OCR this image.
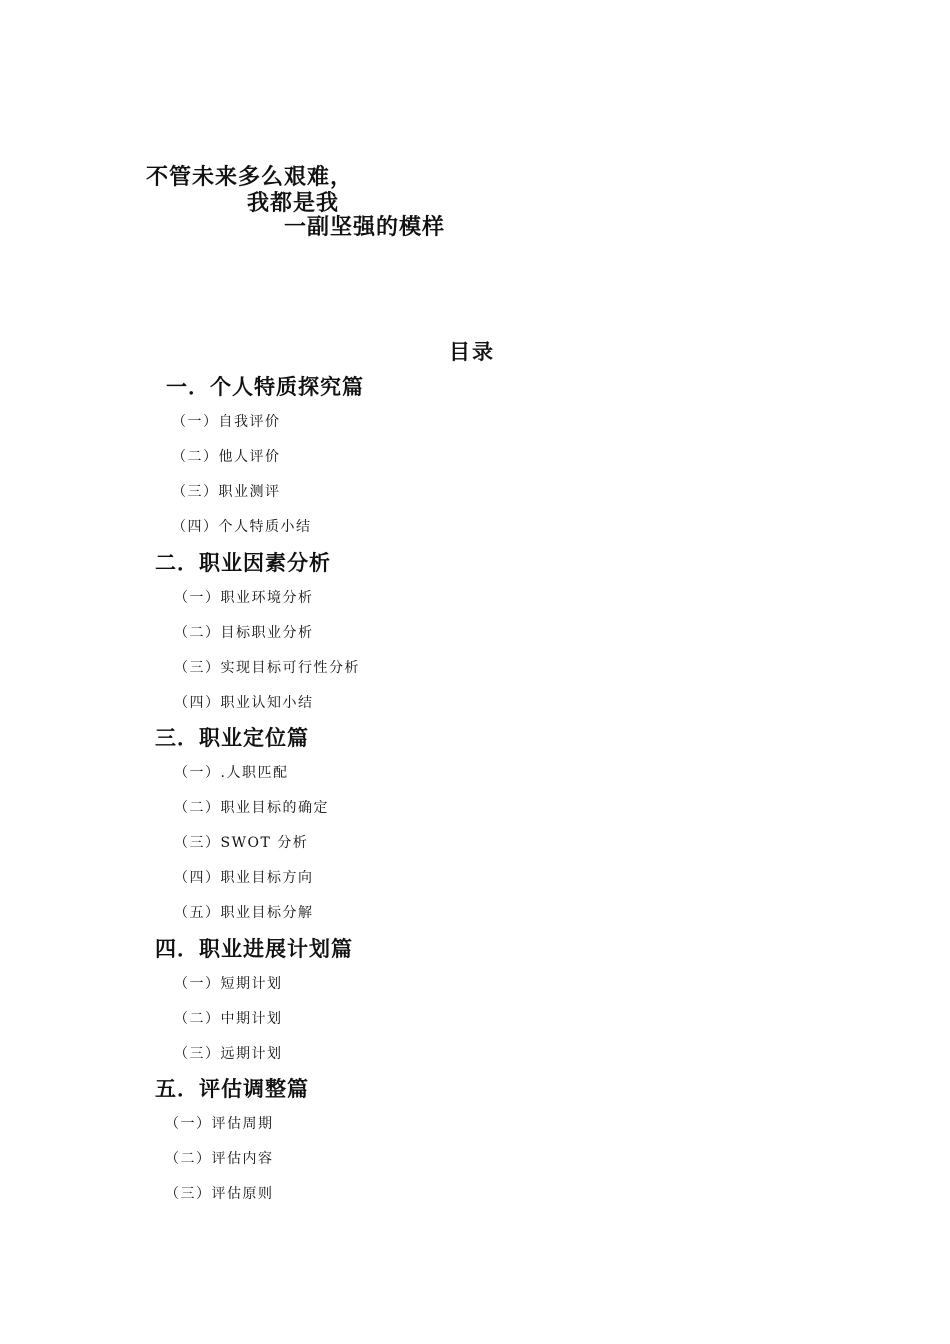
不管未来多么艰难，
我都是我
一副坚强的模样
目录
一．个人特质探究篇
（一）自我评价
（二）他人评价
（三）职业测评
（四）个人特质小结
二．职业因素分析
（一）职业环境分析
（二）目标职业分析
（三）实现目标可行性分析
（四）职业认知小结
三．职业定位篇
（一）.人职匹配
（二）职业目标的确定
（三）SWOT 分析
（四）职业目标方向
（五）职业目标分解
四．职业进展计划篇
（一）短期计划
（二）中期计划
（三）远期计划
五．评估调整篇
（一）评估周期
（二）评估内容
（三）评估原则
